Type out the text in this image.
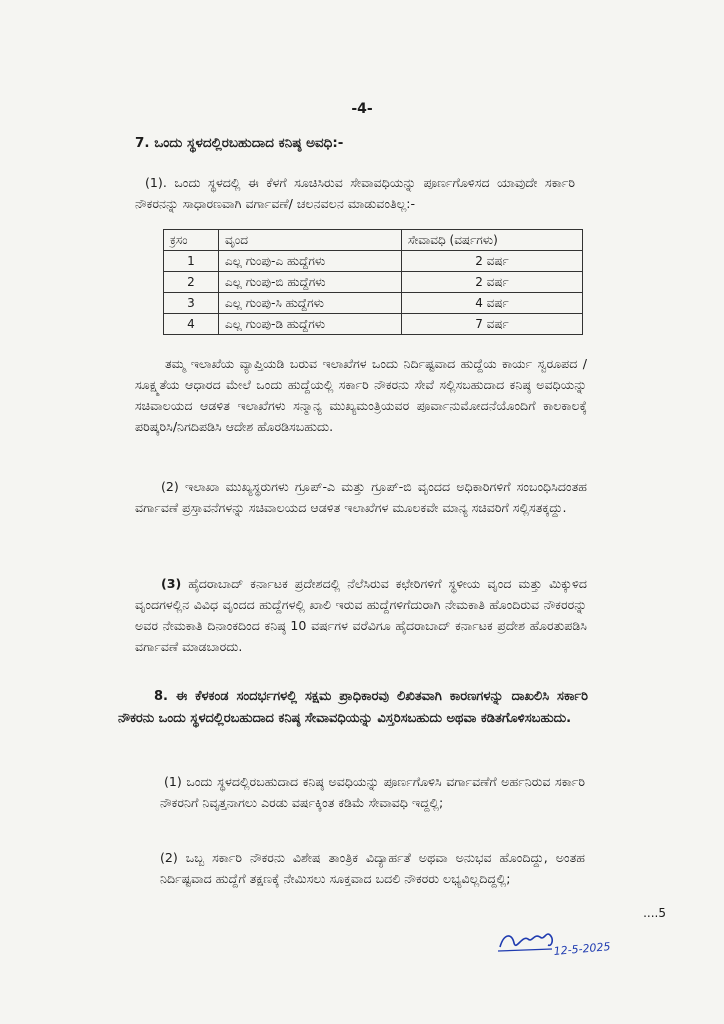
-4-
7. ಒಂದು ಸ್ಥಳದಲ್ಲಿರಬಹುದಾದ ಕನಿಷ್ಠ ಅವಧಿ:-
(1). ಒಂದು ಸ್ಥಳದಲ್ಲಿ ಈ ಕೆಳಗೆ ಸೂಚಿಸಿರುವ ಸೇವಾವಧಿಯನ್ನು ಪೂರ್ಣಗೊಳಿಸದ ಯಾವುದೇ ಸರ್ಕಾರಿ ನೌಕರನನ್ನು ಸಾಧಾರಣವಾಗಿ ವರ್ಗಾವಣೆ/ ಚಲನವಲನ ಮಾಡುವಂತಿಲ್ಲ:-
ಕ್ರಸಂ	ವೃಂದ	ಸೇವಾವಧಿ (ವರ್ಷಗಳು)
1	ಎಲ್ಲ ಗುಂಪು-ಎ ಹುದ್ದೆಗಳು	2 ವರ್ಷ
2	ಎಲ್ಲ ಗುಂಪು-ಬಿ ಹುದ್ದೆಗಳು	2 ವರ್ಷ
3	ಎಲ್ಲ ಗುಂಪು-ಸಿ ಹುದ್ದೆಗಳು	4 ವರ್ಷ
4	ಎಲ್ಲ ಗುಂಪು-ಡಿ ಹುದ್ದೆಗಳು	7 ವರ್ಷ
ತಮ್ಮ ಇಲಾಖೆಯ ವ್ಯಾಪ್ತಿಯಡಿ ಬರುವ ಇಲಾಖೆಗಳ ಒಂದು ನಿರ್ದಿಷ್ಟವಾದ ಹುದ್ದೆಯ ಕಾರ್ಯ ಸ್ವರೂಪದ / ಸೂಕ್ಷ್ಮತೆಯ ಆಧಾರದ ಮೇಲೆ ಒಂದು ಹುದ್ದೆಯಲ್ಲಿ ಸರ್ಕಾರಿ ನೌಕರನು ಸೇವೆ ಸಲ್ಲಿಸಬಹುದಾದ ಕನಿಷ್ಠ ಅವಧಿಯನ್ನು ಸಚಿವಾಲಯದ ಆಡಳಿತ ಇಲಾಖೆಗಳು ಸನ್ಮಾನ್ಯ ಮುಖ್ಯಮಂತ್ರಿಯವರ ಪೂರ್ವಾನುಮೋದನೆಯೊಂದಿಗೆ ಕಾಲಕಾಲಕ್ಕೆ ಪರಿಷ್ಕರಿಸಿ/ನಿಗದಿಪಡಿಸಿ ಆದೇಶ ಹೊರಡಿಸಬಹುದು.
(2) ಇಲಾಖಾ ಮುಖ್ಯಸ್ಥರುಗಳು ಗ್ರೂಪ್-ಎ ಮತ್ತು ಗ್ರೂಪ್-ಬಿ ವೃಂದದ ಅಧಿಕಾರಿಗಳಿಗೆ ಸಂಬಂಧಿಸಿದಂತಹ ವರ್ಗಾವಣೆ ಪ್ರಸ್ತಾವನೆಗಳನ್ನು ಸಚಿವಾಲಯದ ಆಡಳಿತ ಇಲಾಖೆಗಳ ಮೂಲಕವೇ ಮಾನ್ಯ ಸಚಿವರಿಗೆ ಸಲ್ಲಿಸತಕ್ಕದ್ದು.
(3) ಹೈದರಾಬಾದ್ ಕರ್ನಾಟಕ ಪ್ರದೇಶದಲ್ಲಿ ನೆಲೆಸಿರುವ ಕಛೇರಿಗಳಿಗೆ ಸ್ಥಳೀಯ ವೃಂದ ಮತ್ತು ಮಿಕ್ಕುಳಿದ ವೃಂದಗಳಲ್ಲಿನ ವಿವಿಧ ವೃಂದದ ಹುದ್ದೆಗಳಲ್ಲಿ ಖಾಲಿ ಇರುವ ಹುದ್ದೆಗಳಿಗೆದುರಾಗಿ ನೇಮಕಾತಿ ಹೊಂದಿರುವ ನೌಕರರನ್ನು ಅವರ ನೇಮಕಾತಿ ದಿನಾಂಕದಿಂದ ಕನಿಷ್ಠ 10 ವರ್ಷಗಳ ವರೆವಿಗೂ ಹೈದರಾಬಾದ್ ಕರ್ನಾಟಕ ಪ್ರದೇಶ ಹೊರತುಪಡಿಸಿ ವರ್ಗಾವಣೆ ಮಾಡಬಾರದು.
8. ಈ ಕೆಳಕಂಡ ಸಂದರ್ಭಗಳಲ್ಲಿ ಸಕ್ಷಮ ಪ್ರಾಧಿಕಾರವು ಲಿಖಿತವಾಗಿ ಕಾರಣಗಳನ್ನು ದಾಖಲಿಸಿ ಸರ್ಕಾರಿ ನೌಕರನು ಒಂದು ಸ್ಥಳದಲ್ಲಿರಬಹುದಾದ ಕನಿಷ್ಠ ಸೇವಾವಧಿಯನ್ನು ವಿಸ್ತರಿಸಬಹುದು ಅಥವಾ ಕಡಿತಗೊಳಿಸಬಹುದು.
(1) ಒಂದು ಸ್ಥಳದಲ್ಲಿರಬಹುದಾದ ಕನಿಷ್ಠ ಅವಧಿಯನ್ನು ಪೂರ್ಣಗೊಳಿಸಿ ವರ್ಗಾವಣೆಗೆ ಅರ್ಹನಿರುವ ಸರ್ಕಾರಿ ನೌಕರನಿಗೆ ನಿವೃತ್ತನಾಗಲು ಎರಡು ವರ್ಷಕ್ಕಿಂತ ಕಡಿಮೆ ಸೇವಾವಧಿ ಇದ್ದಲ್ಲಿ;
(2) ಒಬ್ಬ ಸರ್ಕಾರಿ ನೌಕರನು ವಿಶೇಷ ತಾಂತ್ರಿಕ ವಿದ್ಯಾರ್ಹತೆ ಅಥವಾ ಅನುಭವ ಹೊಂದಿದ್ದು, ಅಂತಹ ನಿರ್ದಿಷ್ಟವಾದ ಹುದ್ದೆಗೆ ತಕ್ಷಣಕ್ಕೆ ನೇಮಿಸಲು ಸೂಕ್ತವಾದ ಬದಲಿ ನೌಕರರು ಲಭ್ಯವಿಲ್ಲದಿದ್ದಲ್ಲಿ;
....5
12-5-2025
